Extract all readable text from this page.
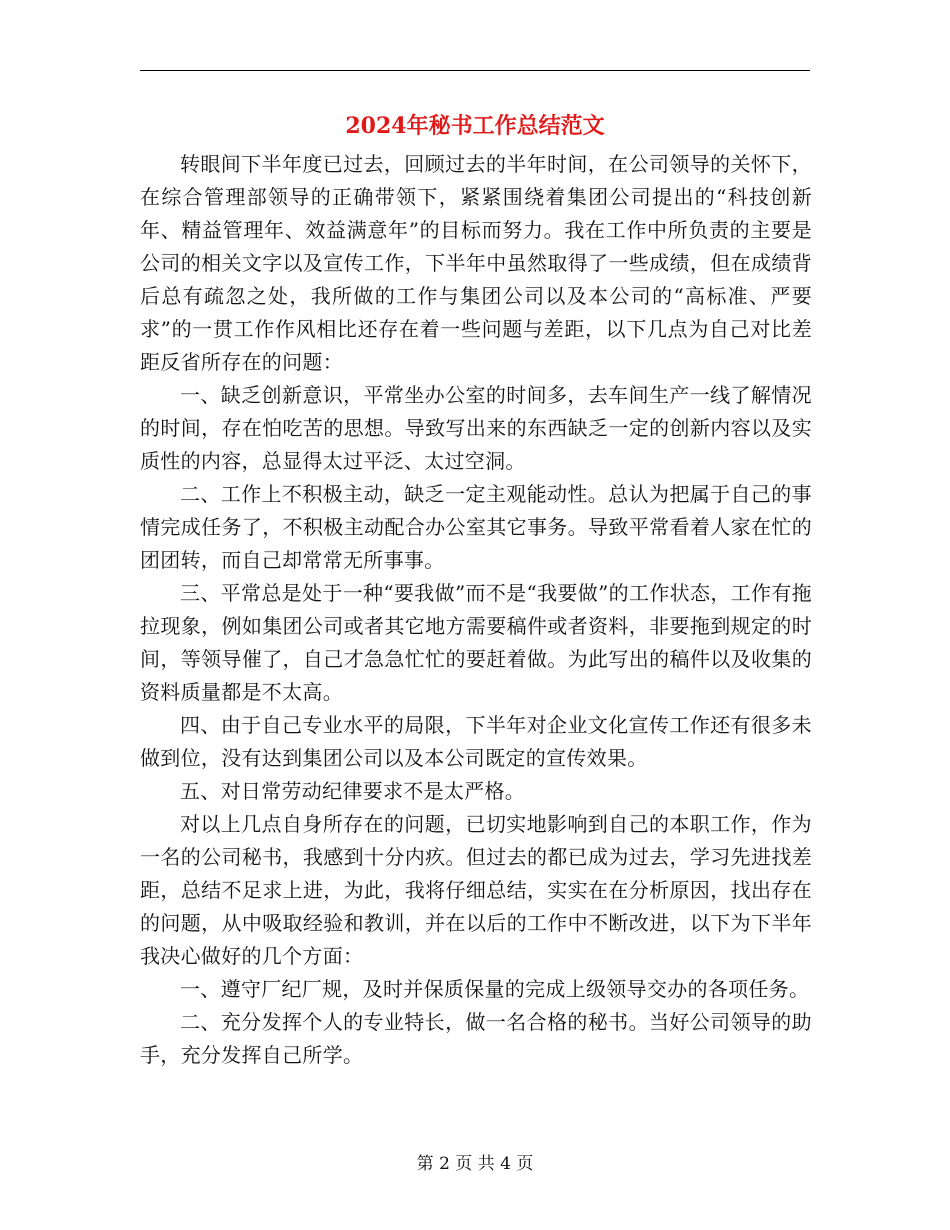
2024年秘书工作总结范文

转眼间下半年度已过去，回顾过去的半年时间，在公司领导的关怀下，在综合管理部领导的正确带领下，紧紧围绕着集团公司提出的“科技创新年、精益管理年、效益满意年”的目标而努力。我在工作中所负责的主要是公司的相关文字以及宣传工作，下半年中虽然取得了一些成绩，但在成绩背后总有疏忽之处，我所做的工作与集团公司以及本公司的“高标准、严要求”的一贯工作作风相比还存在着一些问题与差距，以下几点为自己对比差距反省所存在的问题：

一、缺乏创新意识，平常坐办公室的时间多，去车间生产一线了解情况的时间，存在怕吃苦的思想。导致写出来的东西缺乏一定的创新内容以及实质性的内容，总显得太过平泛、太过空洞。

二、工作上不积极主动，缺乏一定主观能动性。总认为把属于自己的事情完成任务了，不积极主动配合办公室其它事务。导致平常看着人家在忙的团团转，而自己却常常无所事事。

三、平常总是处于一种“要我做”而不是“我要做”的工作状态，工作有拖拉现象，例如集团公司或者其它地方需要稿件或者资料，非要拖到规定的时间，等领导催了，自己才急急忙忙的要赶着做。为此写出的稿件以及收集的资料质量都是不太高。

四、由于自己专业水平的局限，下半年对企业文化宣传工作还有很多未做到位，没有达到集团公司以及本公司既定的宣传效果。

五、对日常劳动纪律要求不是太严格。

对以上几点自身所存在的问题，已切实地影响到自己的本职工作，作为一名的公司秘书，我感到十分内疚。但过去的都已成为过去，学习先进找差距，总结不足求上进，为此，我将仔细总结，实实在在分析原因，找出存在的问题，从中吸取经验和教训，并在以后的工作中不断改进，以下为下半年我决心做好的几个方面：

一、遵守厂纪厂规，及时并保质保量的完成上级领导交办的各项任务。

二、充分发挥个人的专业特长，做一名合格的秘书。当好公司领导的助手，充分发挥自己所学。

第 2 页 共 4 页
